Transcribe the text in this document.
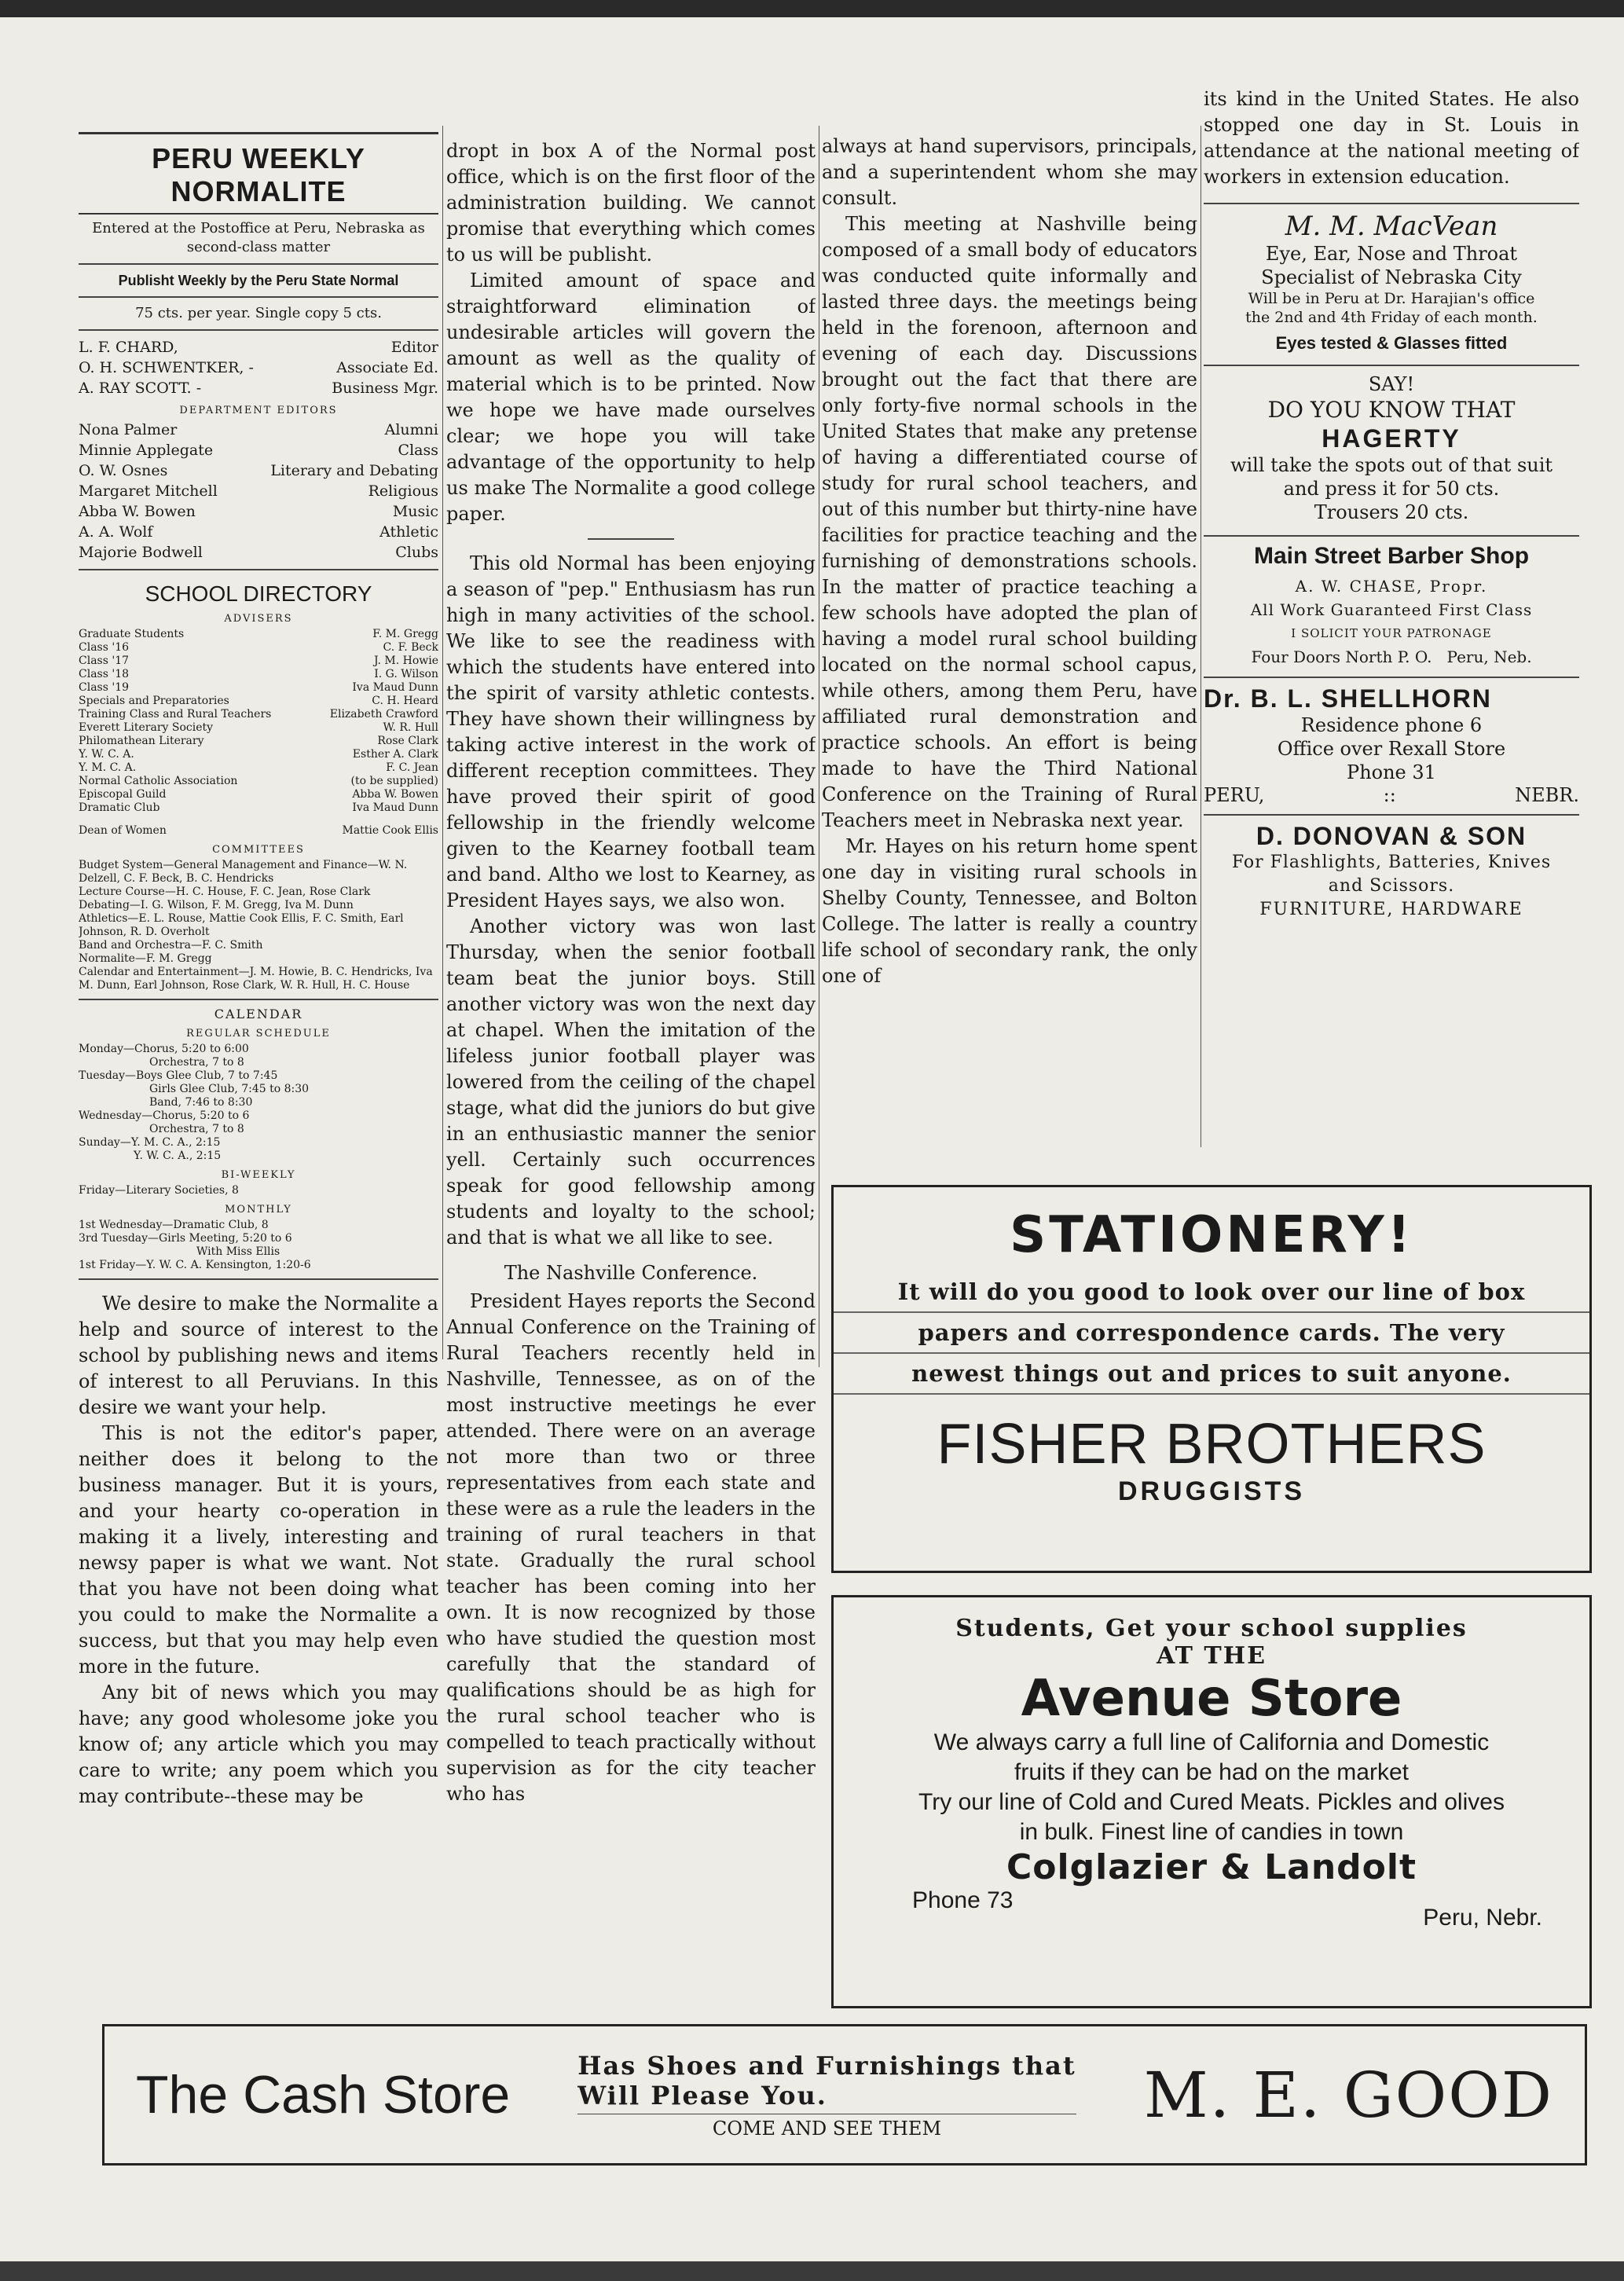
PERU WEEKLY NORMALITE
Entered at the Postoffice at Peru, Nebraska as second-class matter
Publisht Weekly by the Peru State Normal
75 cts. per year. Single copy 5 cts.
L. F. CHARD,	Editor
O. H. SCHWENTKER, -	Associate Ed.
A. RAY SCOTT. -	Business Mgr.
DEPARTMENT EDITORS
Nona Palmer	Alumni
Minnie Applegate	Class
O. W. Osnes	Literary and Debating
Margaret Mitchell	Religious
Abba W. Bowen	Music
A. A. Wolf	Athletic
Majorie Bodwell	Clubs
SCHOOL DIRECTORY
ADVISERS
Graduate Students	F. M. Gregg
Class '16	C. F. Beck
Class '17	J. M. Howie
Class '18	I. G. Wilson
Class '19	Iva Maud Dunn
Specials and Preparatories	C. H. Heard
Training Class and Rural Teachers	Elizabeth Crawford
Everett Literary Society	W. R. Hull
Philomathean Literary	Rose Clark
Y. W. C. A.	Esther A. Clark
Y. M. C. A.	F. C. Jean
Normal Catholic Association	(to be supplied)
Episcopal Guild	Abba W. Bowen
Dramatic Club	Iva Maud Dunn
Dean of Women	Mattie Cook Ellis
COMMITTEES
Budget System—General Management and Finance—W. N. Delzell, C. F. Beck, B. C. Hendricks
Lecture Course—H. C. House, F. C. Jean, Rose Clark
Debating—I. G. Wilson, F. M. Gregg, Iva M. Dunn
Athletics—E. L. Rouse, Mattie Cook Ellis, F. C. Smith, Earl Johnson, R. D. Overholt
Band and Orchestra—F. C. Smith
Normalite—F. M. Gregg
Calendar and Entertainment—J. M. Howie, B. C. Hendricks, Iva M. Dunn, Earl Johnson, Rose Clark, W. R. Hull, H. C. House
CALENDAR
REGULAR SCHEDULE
Monday—Chorus, 5:20 to 6:00
Orchestra, 7 to 8
Tuesday—Boys Glee Club, 7 to 7:45
Girls Glee Club, 7:45 to 8:30
Band, 7:46 to 8:30
Wednesday—Chorus, 5:20 to 6
Orchestra, 7 to 8
Sunday—Y. M. C. A., 2:15
Y. W. C. A., 2:15
BI-WEEKLY
Friday—Literary Societies, 8
MONTHLY
1st Wednesday—Dramatic Club, 8
3rd Tuesday—Girls Meeting, 5:20 to 6
With Miss Ellis
1st Friday—Y. W. C. A. Kensington, 1:20-6

We desire to make the Normalite a help and source of interest to the school by publishing news and items of interest to all Peruvians. In this desire we want your help.

This is not the editor's paper, neither does it belong to the business manager. But it is yours, and your hearty co-operation in making it a lively, interesting and newsy paper is what we want. Not that you have not been doing what you could to make the Normalite a success, but that you may help even more in the future.

Any bit of news which you may have; any good wholesome joke you know of; any article which you may care to write; any poem which you may contribute--these may be

dropt in box A of the Normal post office, which is on the first floor of the administration building. We cannot promise that everything which comes to us will be publisht.

Limited amount of space and straightforward elimination of undesirable articles will govern the amount as well as the quality of material which is to be printed. Now we hope we have made ourselves clear; we hope you will take advantage of the opportunity to help us make The Normalite a good college paper.

This old Normal has been enjoying a season of "pep." Enthusiasm has run high in many activities of the school. We like to see the readiness with which the students have entered into the spirit of varsity athletic contests. They have shown their willingness by taking active interest in the work of different reception committees. They have proved their spirit of good fellowship in the friendly welcome given to the Kearney football team and band. Altho we lost to Kearney, as President Hayes says, we also won.

Another victory was won last Thursday, when the senior football team beat the junior boys. Still another victory was won the next day at chapel. When the imitation of the lifeless junior football player was lowered from the ceiling of the chapel stage, what did the juniors do but give in an enthusiastic manner the senior yell. Certainly such occurrences speak for good fellowship among students and loyalty to the school; and that is what we all like to see.

The Nashville Conference.

President Hayes reports the Second Annual Conference on the Training of Rural Teachers recently held in Nashville, Tennessee, as on of the most instructive meetings he ever attended. There were on an average not more than two or three representatives from each state and these were as a rule the leaders in the training of rural teachers in that state. Gradually the rural school teacher has been coming into her own. It is now recognized by those who have studied the question most carefully that the standard of qualifications should be as high for the rural school teacher who is compelled to teach practically without supervision as for the city teacher who has

always at hand supervisors, principals, and a superintendent whom she may consult.

This meeting at Nashville being composed of a small body of educators was conducted quite informally and lasted three days. the meetings being held in the forenoon, afternoon and evening of each day. Discussions brought out the fact that there are only forty-five normal schools in the United States that make any pretense of having a differentiated course of study for rural school teachers, and out of this number but thirty-nine have facilities for practice teaching and the furnishing of demonstrations schools. In the matter of practice teaching a few schools have adopted the plan of having a model rural school building located on the normal school capus, while others, among them Peru, have affiliated rural demonstration and practice schools. An effort is being made to have the Third National Conference on the Training of Rural Teachers meet in Nebraska next year.

Mr. Hayes on his return home spent one day in visiting rural schools in Shelby County, Tennessee, and Bolton College. The latter is really a country life school of secondary rank, the only one of

its kind in the United States. He also stopped one day in St. Louis in attendance at the national meeting of workers in extension education.

M. M. MacVean
Eye, Ear, Nose and Throat
Specialist of Nebraska City
Will be in Peru at Dr. Harajian's office
the 2nd and 4th Friday of each month.
Eyes tested & Glasses fitted
SAY!
DO YOU KNOW THAT
HAGERTY
will take the spots out of that suit
and press it for 50 cts.
Trousers 20 cts.
Main Street Barber Shop
A. W. CHASE, Propr.
All Work Guaranteed First Class
I SOLICIT YOUR PATRONAGE
Four Doors North P. O. Peru, Neb.
Dr. B. L. SHELLHORN
Residence phone 6
Office over Rexall Store
Phone 31
PERU,	::	NEBR.
D. DONOVAN & SON
For Flashlights, Batteries, Knives
and Scissors.
FURNITURE, HARDWARE
STATIONERY!
It will do you good to look over our line of box
papers and correspondence cards. The very
newest things out and prices to suit anyone.
FISHER BROTHERS
DRUGGISTS
Students, Get your school supplies
AT THE
Avenue Store
We always carry a full line of California and Domestic
fruits if they can be had on the market
Try our line of Cold and Cured Meats. Pickles and olives
in bulk. Finest line of candies in town
Colglazier & Landolt
Phone 73
Peru, Nebr.
The Cash Store	Has Shoes and Furnishings that
Will Please You.
COME AND SEE THEM	M. E. GOOD
